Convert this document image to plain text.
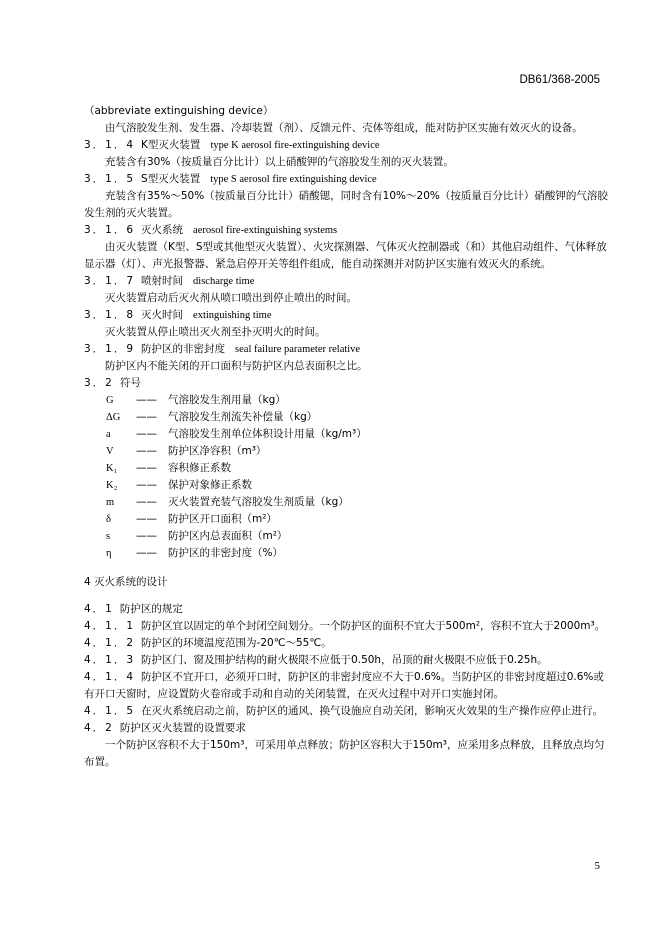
DB61/368-2005
（abbreviate extinguishing device）
由气溶胶发生剂、发生器、冷却装置（剂）、反馈元件、壳体等组成，能对防护区实施有效灭火的设备。
3．1．4 K型灭火装置 type K aerosol fire-extinguishing device
充装含有30%（按质量百分比计）以上硝酸钾的气溶胶发生剂的灭火装置。
3．1．5 S型灭火装置 type S aerosol fire extinguishing device
充装含有35%～50%（按质量百分比计）硝酸锶，同时含有10%～20%（按质量百分比计）硝酸钾的气溶胶发生剂的灭火装置。
3．1．6 灭火系统 aerosol fire-extinguishing systems
由灭火装置（K型、S型或其他型灭火装置）、火灾探测器、气体灭火控制器或（和）其他启动组件、气体释放显示器（灯）、声光报警器、紧急启停开关等组件组成，能自动探测并对防护区实施有效灭火的系统。
3．1．7 喷射时间 discharge time
灭火装置启动后灭火剂从喷口喷出到停止喷出的时间。
3．1．8 灭火时间 extinguishing time
灭火装置从停止喷出灭火剂至扑灭明火的时间。
3．1．9 防护区的非密封度 seal failure parameter relative
防护区内不能关闭的开口面积与防护区内总表面积之比。
3．2 符号
G	——	气溶胶发生剂用量（kg）
ΔG	——	气溶胶发生剂流失补偿量（kg）
a	——	气溶胶发生剂单位体积设计用量（kg/m³）
V	——	防护区净容积（m³）
K₁	——	容积修正系数
K₂	——	保护对象修正系数
m	——	灭火装置充装气溶胶发生剂质量（kg）
δ	——	防护区开口面积（m²）
s	——	防护区内总表面积（m²）
η	——	防护区的非密封度（%）
4 灭火系统的设计
4．1 防护区的规定
4．1．1 防护区宜以固定的单个封闭空间划分。一个防护区的面积不宜大于500m²，容积不宜大于2000m³。
4．1．2 防护区的环境温度范围为-20℃～55℃。
4．1．3 防护区门、窗及围护结构的耐火极限不应低于0.50h，吊顶的耐火极限不应低于0.25h。
4．1．4 防护区不宜开口，必须开口时，防护区的非密封度应不大于0.6%。当防护区的非密封度超过0.6%或有开口天窗时，应设置防火卷帘或手动和自动的关闭装置，在灭火过程中对开口实施封闭。
4．1．5 在灭火系统启动之前，防护区的通风、换气设施应自动关闭，影响灭火效果的生产操作应停止进行。
4．2 防护区灭火装置的设置要求
一个防护区容积不大于150m³，可采用单点释放；防护区容积大于150m³，应采用多点释放，且释放点均匀布置。
5
